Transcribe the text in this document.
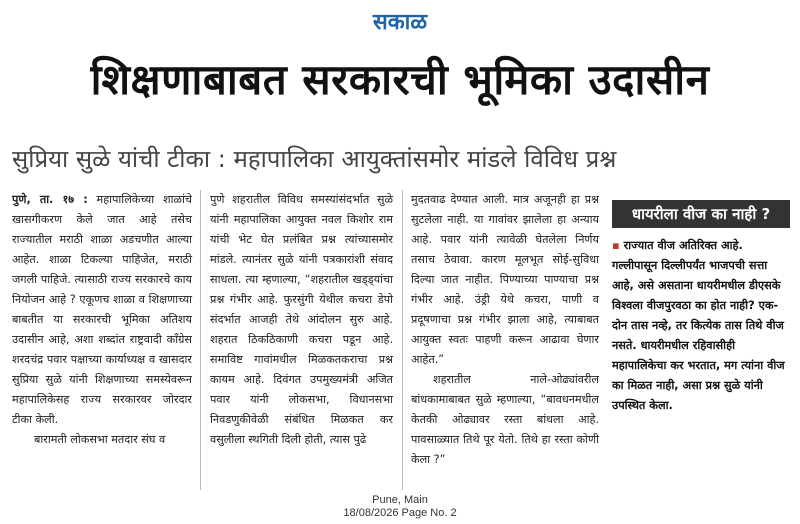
सकाळ
शिक्षणाबाबत सरकारची भूमिका उदासीन
सुप्रिया सुळे यांची टीका : महापालिका आयुक्तांसमोर मांडले विविध प्रश्न

पुणे, ता. १७ : महापालिकेच्या शाळांचे खासगीकरण केले जात आहे तसेच राज्यातील मराठी शाळा अडचणीत आल्या आहेत. शाळा टिकल्या पाहिजेत, मराठी जगली पाहिजे. त्यासाठी राज्य सरकारचे काय नियोजन आहे ? एकूणच शाळा व शिक्षणाच्या बाबतीत या सरकारची भूमिका अतिशय उदासीन आहे, अशा शब्दांत राष्ट्रवादी काँग्रेस शरदचंद्र पवार पक्षाच्या कार्याध्यक्ष व खासदार सुप्रिया सुळे यांनी शिक्षणाच्या समस्येवरून महापालिकेसह राज्य सरकारवर जोरदार टीका केली.

बारामती लोकसभा मतदार संघ व

पुणे शहरातील विविध समस्यांसंदर्भात सुळे यांनी महापालिका आयुक्त नवल किशोर राम यांची भेट घेत प्रलंबित प्रश्न त्यांच्यासमोर मांडले. त्यानंतर सुळे यांनी पत्रकारांशी संवाद साधला. त्या म्हणाल्या, “शहरातील खड्ड्यांचा प्रश्न गंभीर आहे. फुरसुंगी येथील कचरा डेपो संदर्भात आजही तेथे आंदोलन सुरु आहे. शहरात ठिकठिकाणी कचरा पडून आहे. समाविष्ट गावांमधील मिळकतकराचा प्रश्न कायम आहे. दिवंगत उपमुख्यमंत्री अजित पवार यांनी लोकसभा, विधानसभा निवडणुकीवेळी संबंधित मिळकत कर वसुलीला स्थगिती दिली होती, त्यास पुढे

मुदतवाढ देण्यात आली. मात्र अजूनही हा प्रश्न सुटलेला नाही. या गावांवर झालेला हा अन्याय आहे. पवार यांनी त्यावेळी घेतलेला निर्णय तसाच ठेवावा. कारण मूलभूत सोई-सुविधा दिल्या जात नाहीत. पिण्याच्या पाण्याचा प्रश्न गंभीर आहे. उंड्री येथे कचरा, पाणी व प्रदूषणाचा प्रश्न गंभीर झाला आहे, त्याबाबत आयुक्त स्वतः पाहणी करून आढावा घेणार आहेत.”

शहरातील नाले-ओढ्यांवरील बांधकामाबाबत सुळे म्हणाल्या, “बावधनमधील केतकी ओढ्यावर रस्ता बांधला आहे. पावसाळ्यात तिथे पूर येतो. तिथे हा रस्ता कोणी केला ?”

धायरीला वीज का नाही ?
▪ राज्यात वीज अतिरिक्त आहे. गल्लीपासून दिल्लीपर्यंत भाजपची सत्ता आहे, असे असताना धायरीमधील डीएसके विश्वला वीजपुरवठा का होत नाही? एक-दोन तास नव्हे, तर कित्येक तास तिथे वीज नसते. धायरीमधील रहिवासीही महापालिकेचा कर भरतात, मग त्यांना वीज का मिळत नाही, असा प्रश्न सुळे यांनी उपस्थित केला.
Pune, Main
18/08/2026 Page No. 2
